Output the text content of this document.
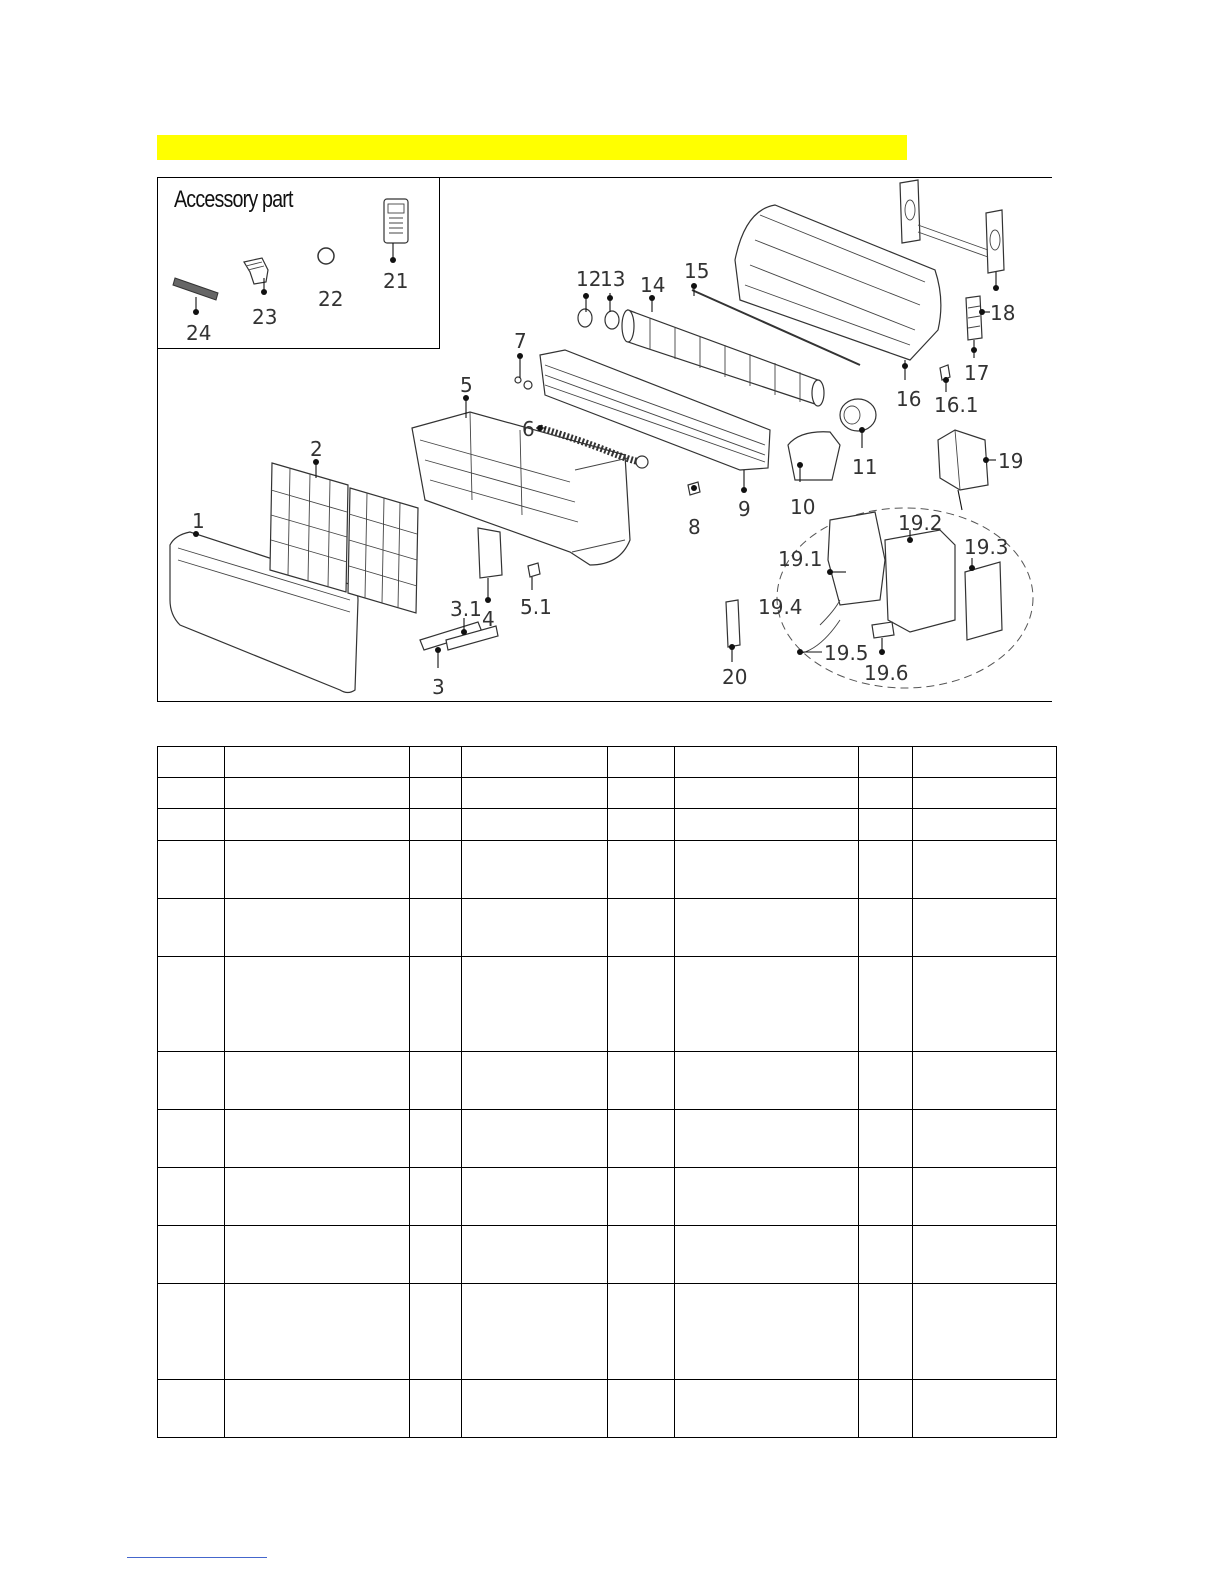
Accessory part
1
2
3
3.1 4
5
5.1
6
7
8
9 10
11
12
13 14
15
16 16.1
17
18
19
19.1
19.2
19.3
19.4
19.5
19.6
20
21
22
23
24
